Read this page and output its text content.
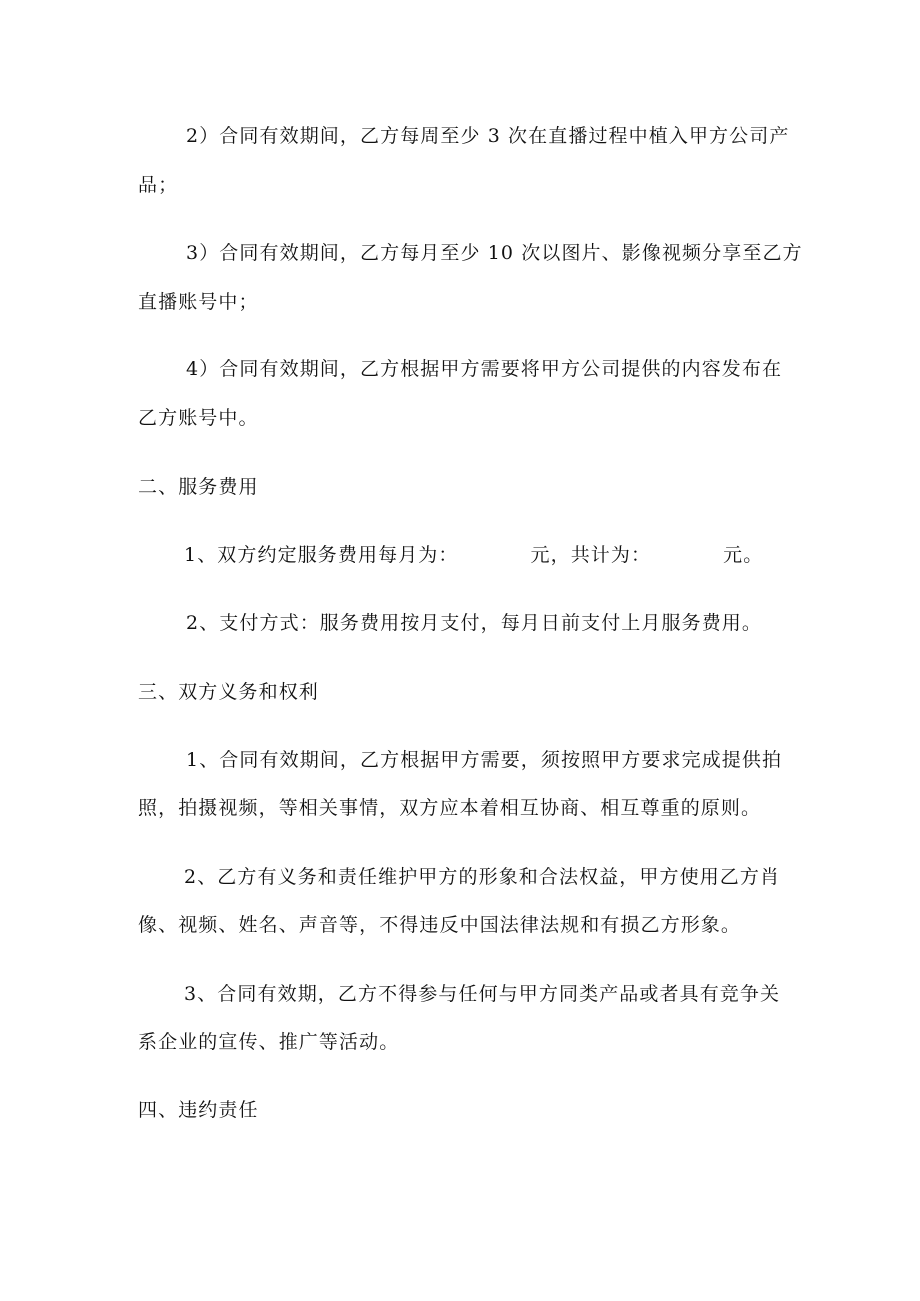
2）合同有效期间，乙方每周至少 3 次在直播过程中植入甲方公司产
品；
3）合同有效期间，乙方每月至少 10 次以图片、影像视频分享至乙方
直播账号中；
4）合同有效期间，乙方根据甲方需要将甲方公司提供的内容发布在
乙方账号中。
二、服务费用
1、双方约定服务费用每月为：	元，共计为：	元。
2、支付方式：服务费用按月支付，每月日前支付上月服务费用。
三、双方义务和权利
1、合同有效期间，乙方根据甲方需要，须按照甲方要求完成提供拍
照，拍摄视频，等相关事情，双方应本着相互协商、相互尊重的原则。
2、乙方有义务和责任维护甲方的形象和合法权益，甲方使用乙方肖
像、视频、姓名、声音等，不得违反中国法律法规和有损乙方形象。
3、合同有效期，乙方不得参与任何与甲方同类产品或者具有竞争关
系企业的宣传、推广等活动。
四、违约责任
